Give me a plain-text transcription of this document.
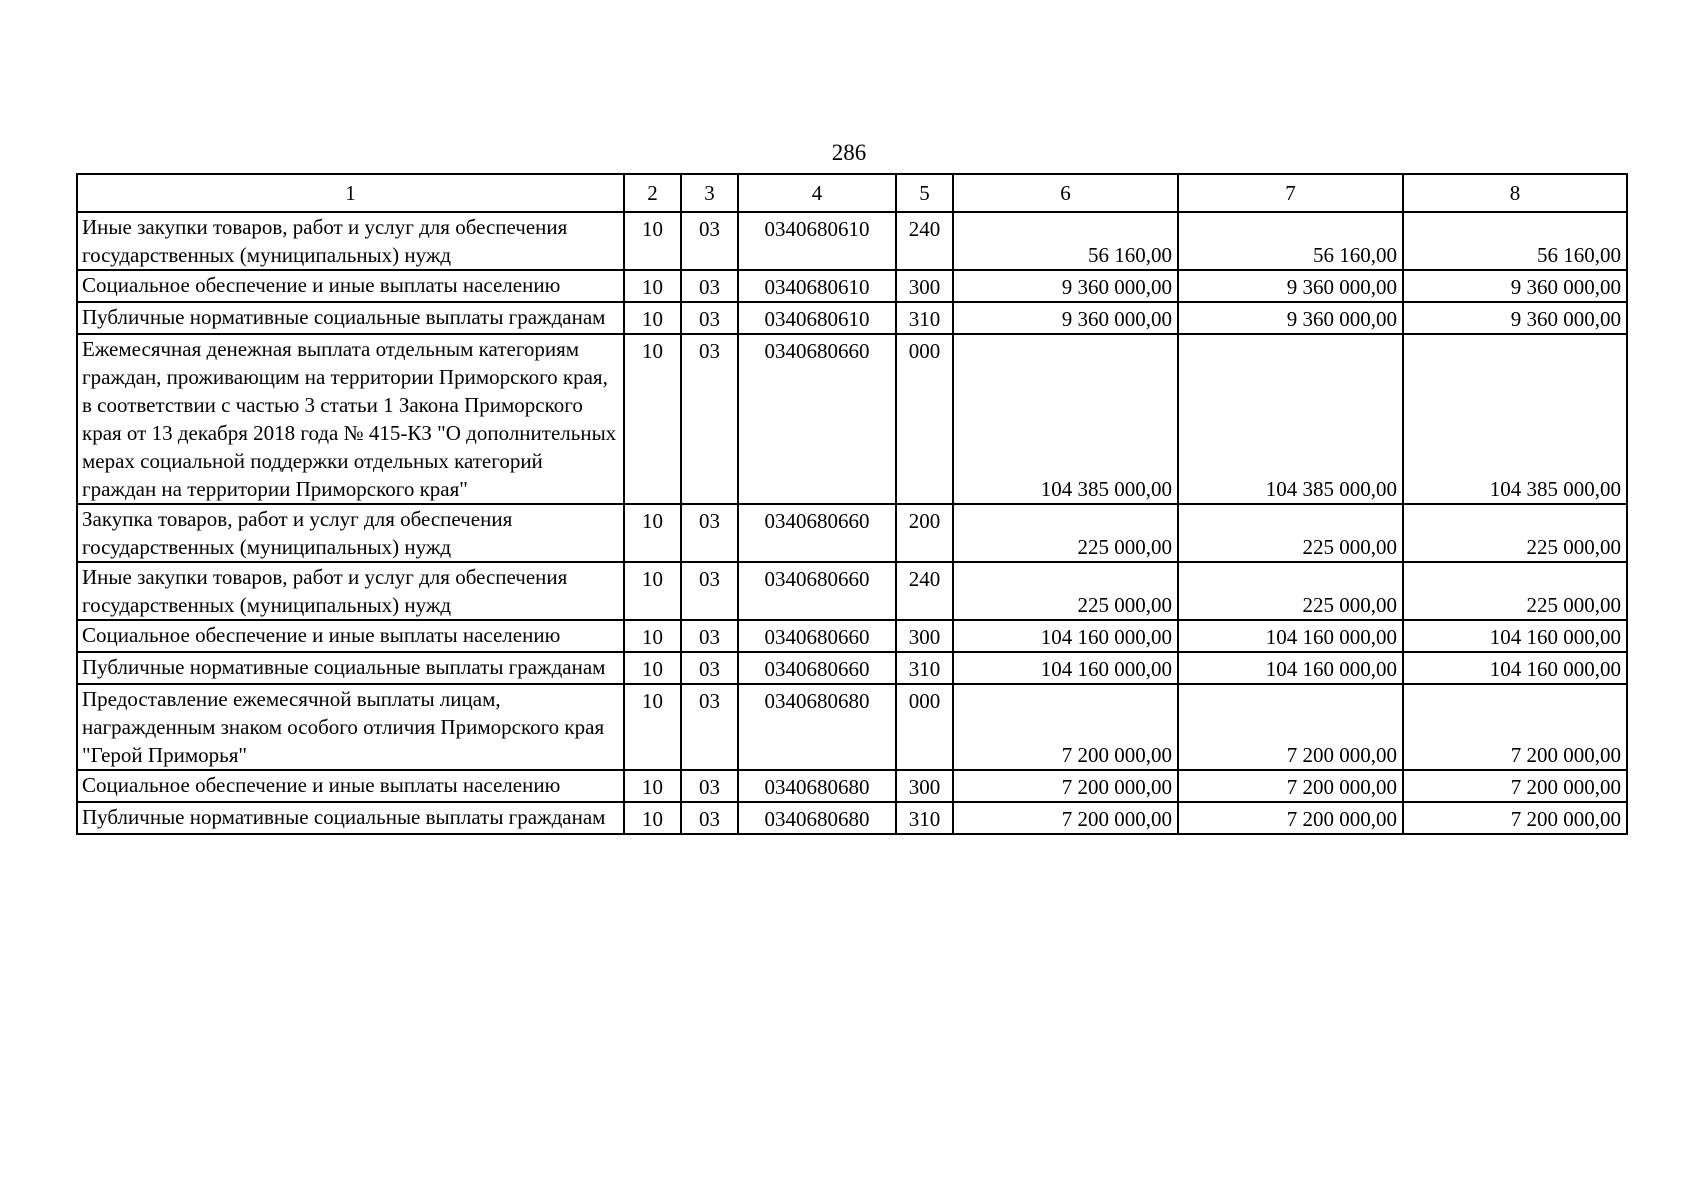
286
1	2	3	4	5	6	7	8
Иные закупки товаров, работ и услуг для обеспечения государственных (муниципальных) нужд	10	03	0340680610	240	56 160,00	56 160,00	56 160,00
Социальное обеспечение и иные выплаты населению	10	03	0340680610	300	9 360 000,00	9 360 000,00	9 360 000,00
Публичные нормативные социальные выплаты гражданам	10	03	0340680610	310	9 360 000,00	9 360 000,00	9 360 000,00
Ежемесячная денежная выплата отдельным категориям граждан, проживающим на территории Приморского края, в соответствии с частью 3 статьи 1 Закона Приморского края от 13 декабря 2018 года № 415-КЗ "О дополнительных мерах социальной поддержки отдельных категорий граждан на территории Приморского края"	10	03	0340680660	000	104 385 000,00	104 385 000,00	104 385 000,00
Закупка товаров, работ и услуг для обеспечения государственных (муниципальных) нужд	10	03	0340680660	200	225 000,00	225 000,00	225 000,00
Иные закупки товаров, работ и услуг для обеспечения государственных (муниципальных) нужд	10	03	0340680660	240	225 000,00	225 000,00	225 000,00
Социальное обеспечение и иные выплаты населению	10	03	0340680660	300	104 160 000,00	104 160 000,00	104 160 000,00
Публичные нормативные социальные выплаты гражданам	10	03	0340680660	310	104 160 000,00	104 160 000,00	104 160 000,00
Предоставление ежемесячной выплаты лицам, награжденным знаком особого отличия Приморского края "Герой Приморья"	10	03	0340680680	000	7 200 000,00	7 200 000,00	7 200 000,00
Социальное обеспечение и иные выплаты населению	10	03	0340680680	300	7 200 000,00	7 200 000,00	7 200 000,00
Публичные нормативные социальные выплаты гражданам	10	03	0340680680	310	7 200 000,00	7 200 000,00	7 200 000,00
